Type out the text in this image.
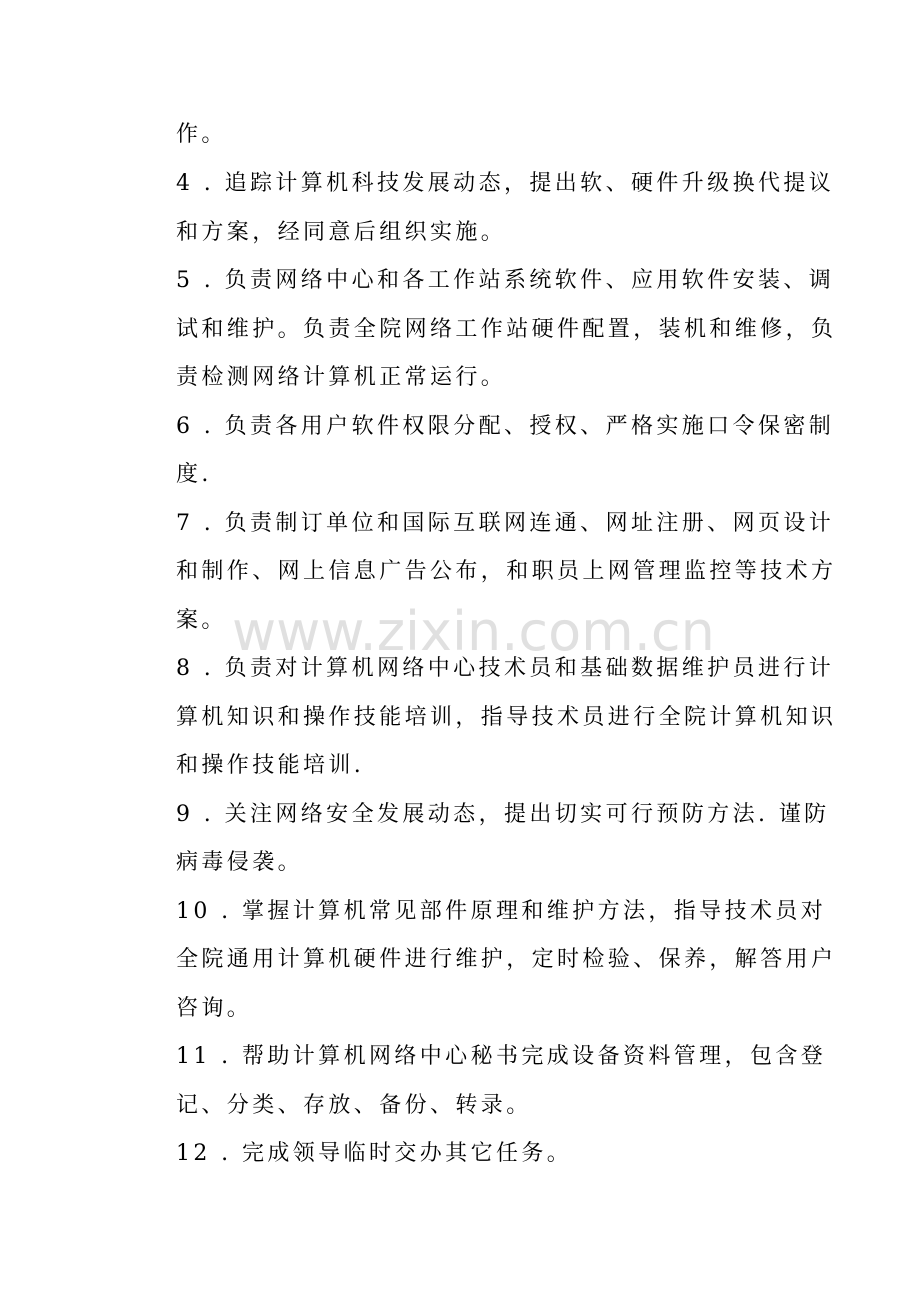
作。
4 . 追踪计算机科技发展动态，提出软、硬件升级换代提议
和方案，经同意后组织实施。
5 . 负责网络中心和各工作站系统软件、应用软件安装、调
试和维护。负责全院网络工作站硬件配置，装机和维修，负
责检测网络计算机正常运行。
6 . 负责各用户软件权限分配、授权、严格实施口令保密制
度.
7 . 负责制订单位和国际互联网连通、网址注册、网页设计
和制作、网上信息广告公布，和职员上网管理监控等技术方
案。
8 . 负责对计算机网络中心技术员和基础数据维护员进行计
算机知识和操作技能培训，指导技术员进行全院计算机知识
和操作技能培训.
9 . 关注网络安全发展动态，提出切实可行预防方法. 谨防
病毒侵袭。
10 . 掌握计算机常见部件原理和维护方法，指导技术员对
全院通用计算机硬件进行维护，定时检验、保养，解答用户
咨询。
11 . 帮助计算机网络中心秘书完成设备资料管理，包含登
记、分类、存放、备份、转录。
12 . 完成领导临时交办其它任务。
www.zixin.com.cn
